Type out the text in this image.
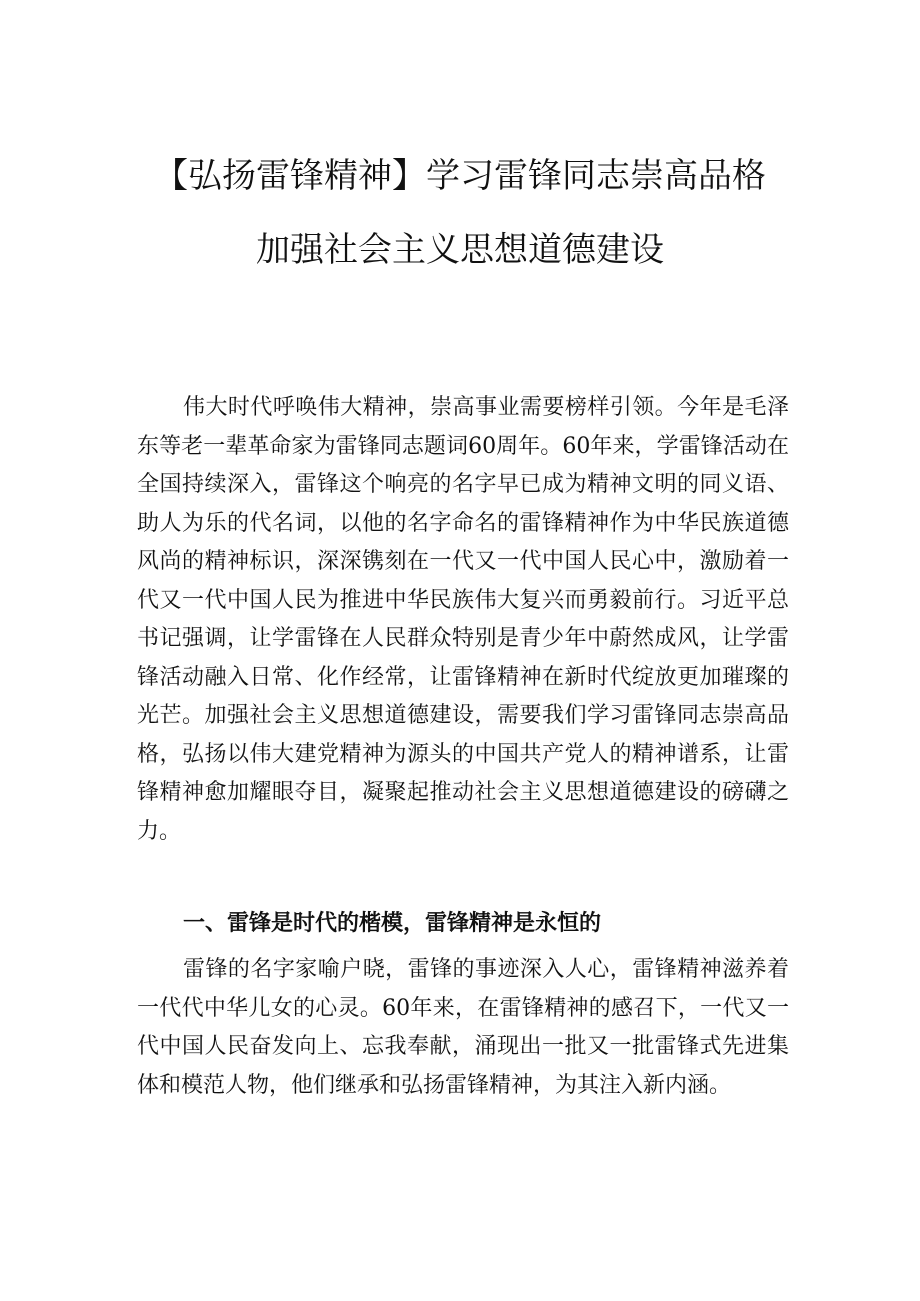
【弘扬雷锋精神】学习雷锋同志崇高品格
加强社会主义思想道德建设

伟大时代呼唤伟大精神，崇高事业需要榜样引领。今年是毛泽东等老一辈革命家为雷锋同志题词60周年。60年来，学雷锋活动在全国持续深入，雷锋这个响亮的名字早已成为精神文明的同义语、助人为乐的代名词，以他的名字命名的雷锋精神作为中华民族道德风尚的精神标识，深深镌刻在一代又一代中国人民心中，激励着一代又一代中国人民为推进中华民族伟大复兴而勇毅前行。习近平总书记强调，让学雷锋在人民群众特别是青少年中蔚然成风，让学雷锋活动融入日常、化作经常，让雷锋精神在新时代绽放更加璀璨的光芒。加强社会主义思想道德建设，需要我们学习雷锋同志崇高品格，弘扬以伟大建党精神为源头的中国共产党人的精神谱系，让雷锋精神愈加耀眼夺目，凝聚起推动社会主义思想道德建设的磅礴之力。

一、雷锋是时代的楷模，雷锋精神是永恒的

雷锋的名字家喻户晓，雷锋的事迹深入人心，雷锋精神滋养着一代代中华儿女的心灵。60年来，在雷锋精神的感召下，一代又一代中国人民奋发向上、忘我奉献，涌现出一批又一批雷锋式先进集体和模范人物，他们继承和弘扬雷锋精神，为其注入新内涵。
